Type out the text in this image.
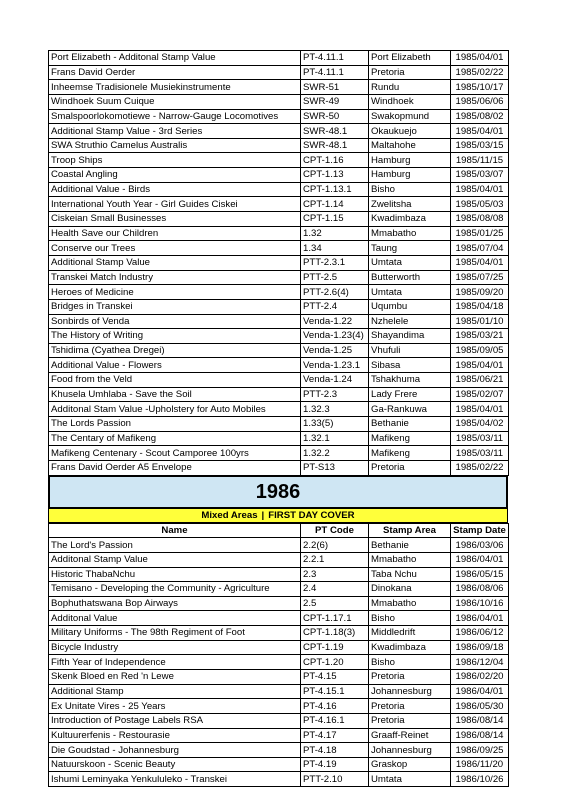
Port Elizabeth - Additonal Stamp Value	PT-4.11.1	Port Elizabeth	1985/04/01
Frans David Oerder	PT-4.11.1	Pretoria	1985/02/22
Inheemse Tradisionele Musiekinstrumente	SWR-51	Rundu	1985/10/17
Windhoek Suum Cuique	SWR-49	Windhoek	1985/06/06
Smalspoorlokomotiewe - Narrow-Gauge Locomotives	SWR-50	Swakopmund	1985/08/02
Additional Stamp Value - 3rd Series	SWR-48.1	Okaukuejo	1985/04/01
SWA Struthio Camelus Australis	SWR-48.1	Maltahohe	1985/03/15
Troop Ships	CPT-1.16	Hamburg	1985/11/15
Coastal Angling	CPT-1.13	Hamburg	1985/03/07
Additional Value - Birds	CPT-1.13.1	Bisho	1985/04/01
International Youth Year - Girl Guides Ciskei	CPT-1.14	Zwelitsha	1985/05/03
Ciskeian Small Businesses	CPT-1.15	Kwadimbaza	1985/08/08
Health Save our Children	1.32	Mmabatho	1985/01/25
Conserve our Trees	1.34	Taung	1985/07/04
Additional Stamp Value	PTT-2.3.1	Umtata	1985/04/01
Transkei Match Industry	PTT-2.5	Butterworth	1985/07/25
Heroes of Medicine	PTT-2.6(4)	Umtata	1985/09/20
Bridges in Transkei	PTT-2.4	Uqumbu	1985/04/18
Sonbirds of Venda	Venda-1.22	Nzhelele	1985/01/10
The History of Writing	Venda-1.23(4)	Shayandima	1985/03/21
Tshidima (Cyathea Dregei)	Venda-1.25	Vhufuli	1985/09/05
Additional Value - Flowers	Venda-1.23.1	Sibasa	1985/04/01
Food from the Veld	Venda-1.24	Tshakhuma	1985/06/21
Khusela Umhlaba - Save the Soil	PTT-2.3	Lady Frere	1985/02/07
Additonal Stam Value -Upholstery for Auto Mobiles	1.32.3	Ga-Rankuwa	1985/04/01
The Lords Passion	1.33(5)	Bethanie	1985/04/02
The Centary of Mafikeng	1.32.1	Mafikeng	1985/03/11
Mafikeng Centenary - Scout Camporee 100yrs	1.32.2	Mafikeng	1985/03/11
Frans David Oerder A5 Envelope	PT-S13	Pretoria	1985/02/22
1986
Mixed Areas | FIRST DAY COVER
Name	PT Code	Stamp Area	Stamp Date
The Lord's Passion	2.2(6)	Bethanie	1986/03/06
Additonal Stamp Value	2.2.1	Mmabatho	1986/04/01
Historic ThabaNchu	2.3	Taba Nchu	1986/05/15
Temisano - Developing the Community - Agriculture	2.4	Dinokana	1986/08/06
Bophuthatswana Bop Airways	2.5	Mmabatho	1986/10/16
Additonal Value	CPT-1.17.1	Bisho	1986/04/01
Military Uniforms - The 98th Regiment of Foot	CPT-1.18(3)	Middledrift	1986/06/12
Bicycle Industry	CPT-1.19	Kwadimbaza	1986/09/18
Fifth Year of Independence	CPT-1.20	Bisho	1986/12/04
Skenk Bloed en Red 'n Lewe	PT-4.15	Pretoria	1986/02/20
Additional Stamp	PT-4.15.1	Johannesburg	1986/04/01
Ex Unitate Vires - 25 Years	PT-4.16	Pretoria	1986/05/30
Introduction of Postage Labels RSA	PT-4.16.1	Pretoria	1986/08/14
Kultuurerfenis - Restourasie	PT-4.17	Graaff-Reinet	1986/08/14
Die Goudstad - Johannesburg	PT-4.18	Johannesburg	1986/09/25
Natuurskoon - Scenic Beauty	PT-4.19	Graskop	1986/11/20
Ishumi Leminyaka Yenkululeko - Transkei	PTT-2.10	Umtata	1986/10/26
